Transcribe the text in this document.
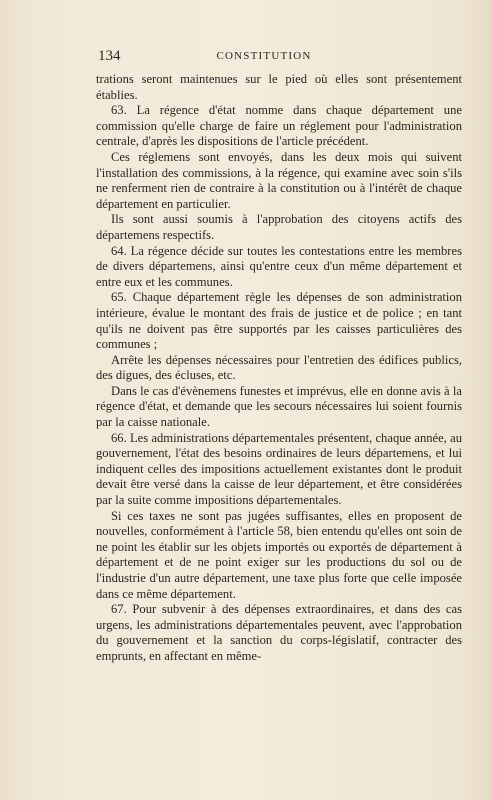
134	CONSTITUTION

trations seront maintenues sur le pied où elles sont présentement établies.

63. La régence d'état nomme dans chaque département une commission qu'elle charge de faire un réglement pour l'administration centrale, d'après les dispositions de l'article précédent.

Ces réglemens sont envoyés, dans les deux mois qui suivent l'installation des commissions, à la régence, qui examine avec soin s'ils ne renferment rien de contraire à la constitution ou à l'intérêt de chaque département en particulier.

Ils sont aussi soumis à l'approbation des citoyens actifs des départemens respectifs.

64. La régence décide sur toutes les contestations entre les membres de divers départemens, ainsi qu'entre ceux d'un même département et entre eux et les communes.

65. Chaque département règle les dépenses de son administration intérieure, évalue le montant des frais de justice et de police ; en tant qu'ils ne doivent pas être supportés par les caisses particulières des communes ;

Arrête les dépenses nécessaires pour l'entretien des édifices publics, des digues, des écluses, etc.

Dans le cas d'évènemens funestes et imprévus, elle en donne avis à la régence d'état, et demande que les secours nécessaires lui soient fournis par la caisse nationale.

66. Les administrations départementales présentent, chaque année, au gouvernement, l'état des besoins ordinaires de leurs départemens, et lui indiquent celles des impositions actuellement existantes dont le produit devait être versé dans la caisse de leur département, et être considérées par la suite comme impositions départementales.

Si ces taxes ne sont pas jugées suffisantes, elles en proposent de nouvelles, conformément à l'article 58, bien entendu qu'elles ont soin de ne point les établir sur les objets importés ou exportés de département à département et de ne point exiger sur les productions du sol ou de l'industrie d'un autre département, une taxe plus forte que celle imposée dans ce même département.

67. Pour subvenir à des dépenses extraordinaires, et dans des cas urgens, les administrations départementales peuvent, avec l'approbation du gouvernement et la sanction du corps-législatif, contracter des emprunts, en affectant en même-
